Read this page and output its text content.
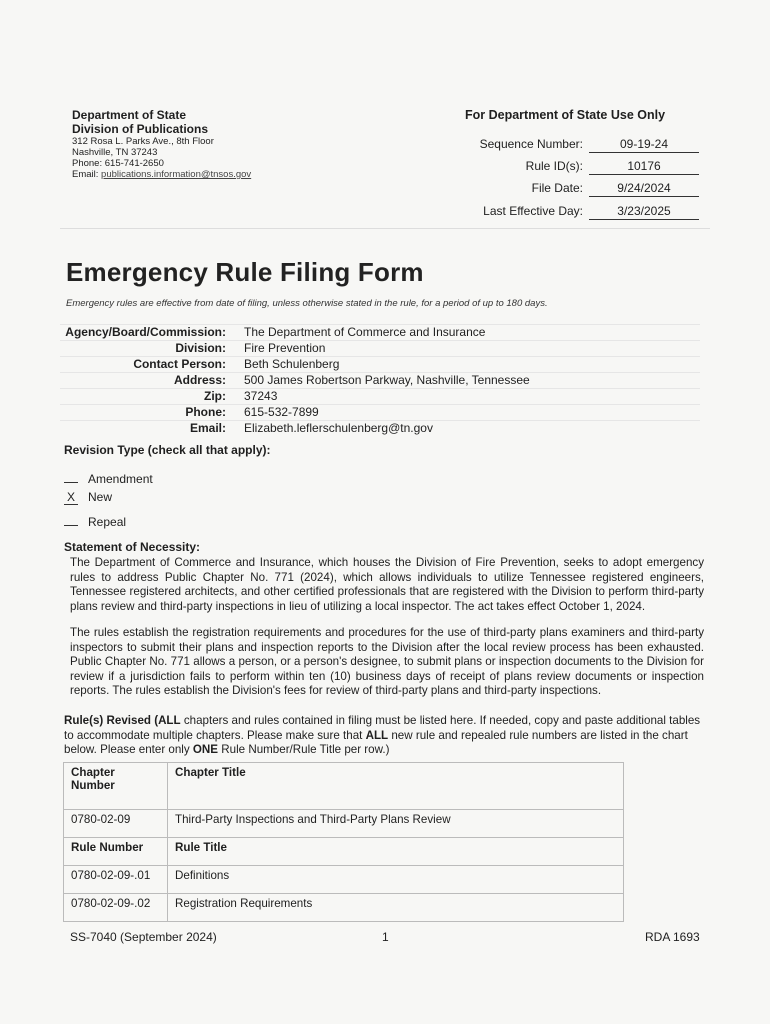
Department of State
Division of Publications
312 Rosa L. Parks Ave., 8th Floor
Nashville, TN 37243
Phone: 615-741-2650
Email: publications.information@tnsos.gov
For Department of State Use Only
Sequence Number:	09-19-24
Rule ID(s):	10176
File Date:	9/24/2024
Last Effective Day:	3/23/2025
Emergency Rule Filing Form
Emergency rules are effective from date of filing, unless otherwise stated in the rule, for a period of up to 180 days.
Agency/Board/Commission:	The Department of Commerce and Insurance
Division:	Fire Prevention
Contact Person:	Beth Schulenberg
Address:	500 James Robertson Parkway, Nashville, Tennessee
Zip:	37243
Phone:	615-532-7899
Email:	Elizabeth.leflerschulenberg@tn.gov
Revision Type (check all that apply):
Amendment
X New
Repeal
Statement of Necessity:
The Department of Commerce and Insurance, which houses the Division of Fire Prevention, seeks to adopt emergency rules to address Public Chapter No. 771 (2024), which allows individuals to utilize Tennessee registered engineers, Tennessee registered architects, and other certified professionals that are registered with the Division to perform third-party plans review and third-party inspections in lieu of utilizing a local inspector. The act takes effect October 1, 2024.
The rules establish the registration requirements and procedures for the use of third-party plans examiners and third-party inspectors to submit their plans and inspection reports to the Division after the local review process has been exhausted. Public Chapter No. 771 allows a person, or a person's designee, to submit plans or inspection documents to the Division for review if a jurisdiction fails to perform within ten (10) business days of receipt of plans review documents or inspection reports. The rules establish the Division's fees for review of third-party plans and third-party inspections.
Rule(s) Revised (ALL chapters and rules contained in filing must be listed here. If needed, copy and paste additional tables to accommodate multiple chapters. Please make sure that ALL new rule and repealed rule numbers are listed in the chart below. Please enter only ONE Rule Number/Rule Title per row.)
Chapter Number	Chapter Title
0780-02-09	Third-Party Inspections and Third-Party Plans Review
Rule Number	Rule Title
0780-02-09-.01	Definitions
0780-02-09-.02	Registration Requirements
SS-7040 (September 2024)	1	RDA 1693
